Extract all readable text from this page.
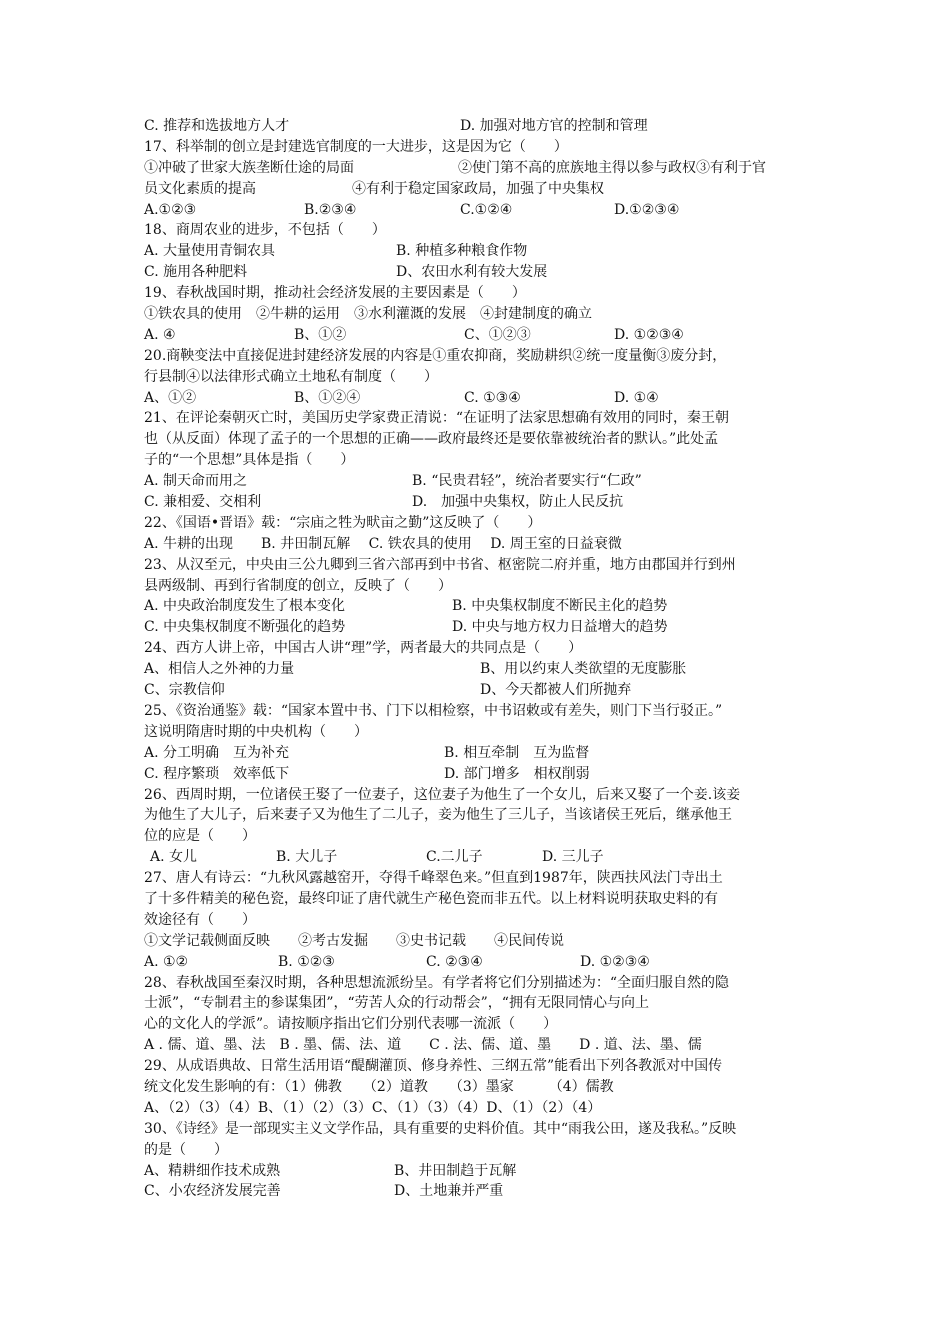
C. 推荐和选拔地方人才	D. 加强对地方官的控制和管理
17、科举制的创立是封建选官制度的一大进步，这是因为它（　　）
①冲破了世家大族垄断仕途的局面	②使门第不高的庶族地主得以参与政权③有利于官
员文化素质的提高	④有利于稳定国家政局，加强了中央集权
A.①②③	B.②③④	C.①②④	D.①②③④
18、商周农业的进步，不包括（　　）
A. 大量使用青铜农具	B. 种植多种粮食作物
C. 施用各种肥料	D、农田水利有较大发展
19、春秋战国时期，推动社会经济发展的主要因素是（　　）
①铁农具的使用　②牛耕的运用　③水利灌溉的发展　④封建制度的确立
A. ④	B、①②	C、①②③	D. ①②③④
20.商鞅变法中直接促进封建经济发展的内容是①重农抑商，奖励耕织②统一度量衡③废分封，
行县制④以法律形式确立土地私有制度（　　）
A、①②	B、①②④	C. ①③④	D. ①④
21、在评论秦朝灭亡时，美国历史学家费正清说：“在证明了法家思想确有效用的同时，秦王朝
也（从反面）体现了孟子的一个思想的正确——政府最终还是要依靠被统治者的默认。”此处孟
子的“一个思想”具体是指（　　）
A. 制天命而用之	B. “民贵君轻”，统治者要实行“仁政”
C. 兼相爱、交相利	D.　加强中央集权，防止人民反抗
22、《国语•晋语》载：“宗庙之牲为畎亩之勤”这反映了（　　）
A. 牛耕的出现　　B. 井田制瓦解　 C. 铁农具的使用　 D. 周王室的日益衰微
23、从汉至元，中央由三公九卿到三省六部再到中书省、枢密院二府并重，地方由郡国并行到州
县两级制、再到行省制度的创立，反映了（　　）
A. 中央政治制度发生了根本变化	B. 中央集权制度不断民主化的趋势
C. 中央集权制度不断强化的趋势	D. 中央与地方权力日益增大的趋势
24、西方人讲上帝，中国古人讲“理”学，两者最大的共同点是（　　）
A、相信人之外神的力量	B、用以约束人类欲望的无度膨胀
C、宗教信仰	D、今天都被人们所抛弃
25、《资治通鉴》载：“国家本置中书、门下以相检察，中书诏敕或有差失，则门下当行驳正。”
这说明隋唐时期的中央机构（　　）
A. 分工明确　互为补充	B. 相互牵制　互为监督
C. 程序繁琐　效率低下	D. 部门增多　相权削弱
26、西周时期，一位诸侯王娶了一位妻子，这位妻子为他生了一个女儿，后来又娶了一个妾.该妾
为他生了大儿子，后来妻子又为他生了二儿子，妾为他生了三儿子，当该诸侯王死后，继承他王
位的应是（　　）
A. 女儿	B. 大儿子	C.二儿子	D. 三儿子
27、唐人有诗云：“九秋风露越窑开，夺得千峰翠色来。”但直到1987年，陕西扶风法门寺出土
了十多件精美的秘色瓷，最终印证了唐代就生产秘色瓷而非五代。以上材料说明获取史料的有
效途径有（　　）
①文学记载侧面反映　　②考古发掘　　③史书记载　　④民间传说
A. ①②	B. ①②③	C. ②③④	D. ①②③④
28、春秋战国至秦汉时期，各种思想流派纷呈。有学者将它们分别描述为：“全面归服自然的隐
士派”，“专制君主的参谋集团”，“劳苦人众的行动帮会”，“拥有无限同情心与向上
心的文化人的学派”。请按顺序指出它们分别代表哪一流派（　　）
A . 儒、道、墨、法　B . 墨、儒、法、道　　C . 法、儒、道、墨　　D . 道、法、墨、儒
29、从成语典故、日常生活用语“醍醐灌顶、修身养性、三纲五常”能看出下列各教派对中国传
统文化发生影响的有：（1）佛教　　（2）道教　　（3）墨家　　　（4）儒教
A、（2）（3）（4）B、（1）（2）（3）C、（1）（3）（4）D、（1）（2）（4）
30、《诗经》是一部现实主义文学作品，具有重要的史料价值。其中“雨我公田，遂及我私。”反映
的是（　　）
A、精耕细作技术成熟	B、井田制趋于瓦解
C、小农经济发展完善	D、土地兼并严重
